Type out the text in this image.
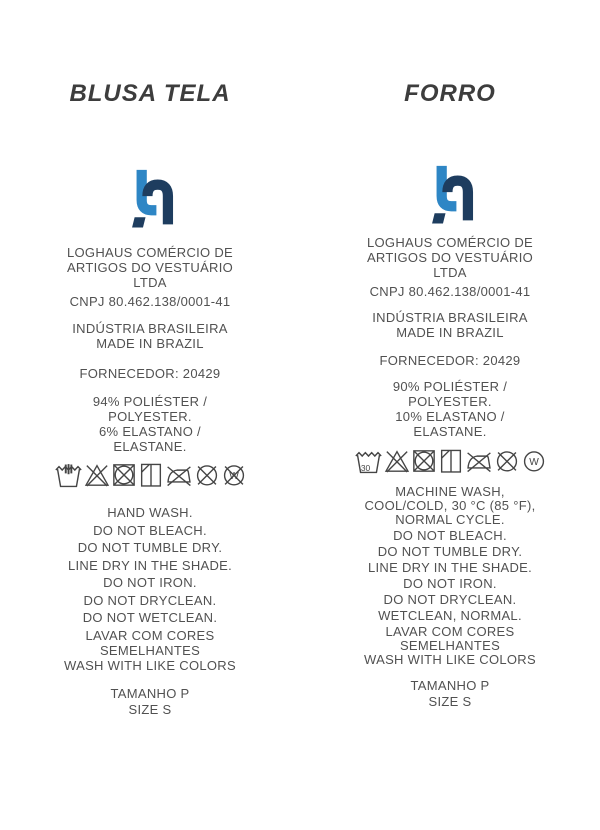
BLUSA TELA
LOGHAUS COMÉRCIO DE
ARTIGOS DO VESTUÁRIO
LTDA
CNPJ 80.462.138/0001-41
INDÚSTRIA BRASILEIRA
MADE IN BRAZIL
FORNECEDOR: 20429
94% POLIÉSTER /
POLYESTER.
6% ELASTANO /
ELASTANE.
HAND WASH.
DO NOT BLEACH.
DO NOT TUMBLE DRY.
LINE DRY IN THE SHADE.
DO NOT IRON.
DO NOT DRYCLEAN.
DO NOT WETCLEAN.
LAVAR COM CORES
SEMELHANTES
WASH WITH LIKE COLORS
TAMANHO P
SIZE S
FORRO
LOGHAUS COMÉRCIO DE
ARTIGOS DO VESTUÁRIO
LTDA
CNPJ 80.462.138/0001-41
INDÚSTRIA BRASILEIRA
MADE IN BRAZIL
FORNECEDOR: 20429
90% POLIÉSTER /
POLYESTER.
10% ELASTANO /
ELASTANE.
MACHINE WASH,
COOL/COLD, 30 °C (85 °F),
NORMAL CYCLE.
DO NOT BLEACH.
DO NOT TUMBLE DRY.
LINE DRY IN THE SHADE.
DO NOT IRON.
DO NOT DRYCLEAN.
WETCLEAN, NORMAL.
LAVAR COM CORES
SEMELHANTES
WASH WITH LIKE COLORS
TAMANHO P
SIZE S
